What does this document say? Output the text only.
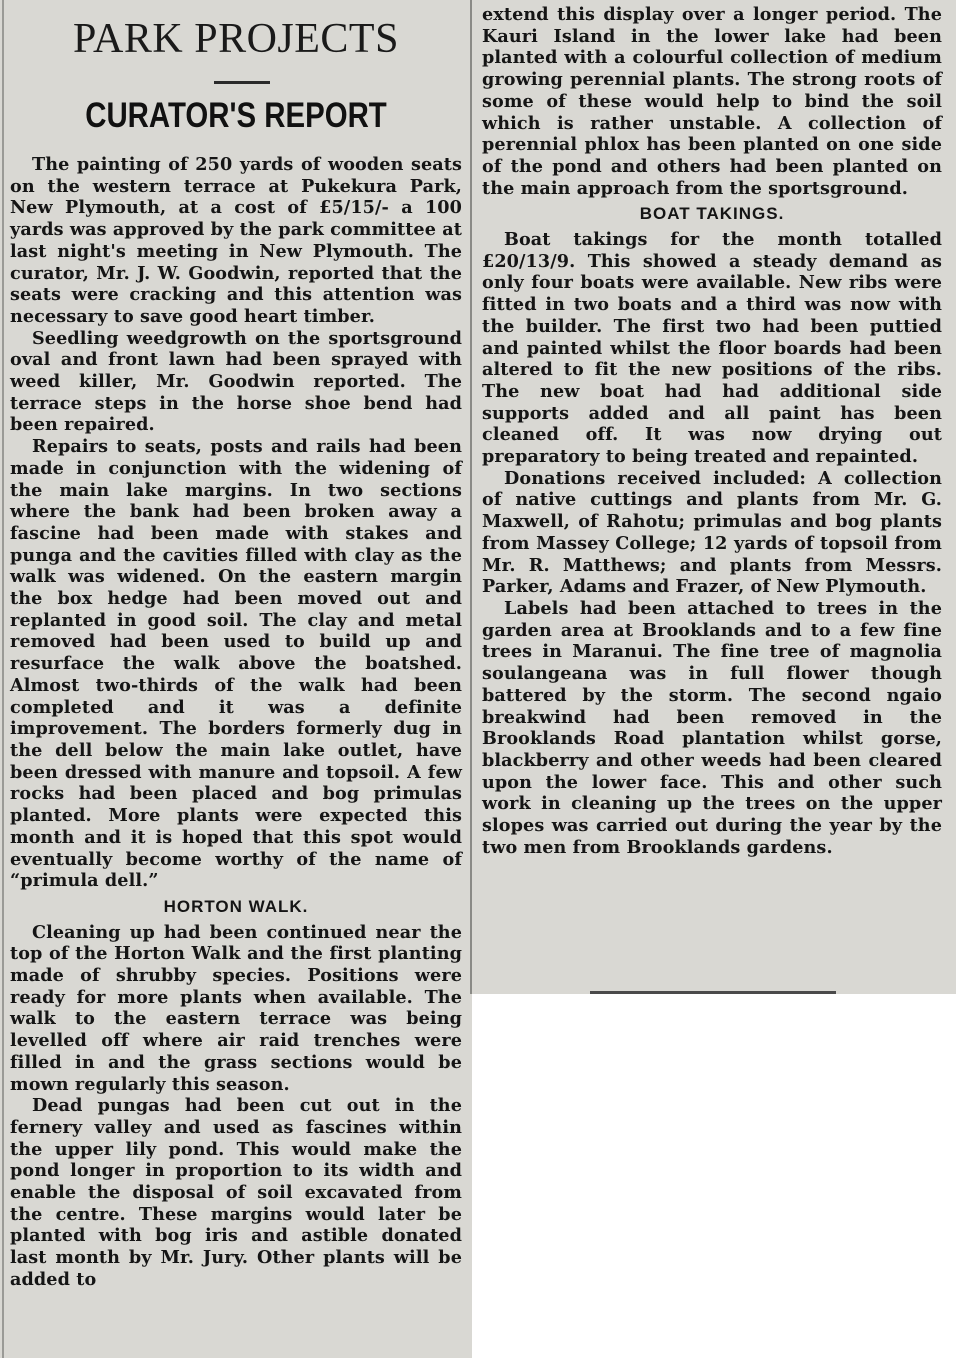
PARK PROJECTS
CURATOR'S REPORT

The painting of 250 yards of wooden seats on the western terrace at Pukekura Park, New Plymouth, at a cost of £5/15/- a 100 yards was approved by the park committee at last night's meeting in New Plymouth. The curator, Mr. J. W. Goodwin, reported that the seats were cracking and this attention was necessary to save good heart timber.

Seedling weedgrowth on the sportsground oval and front lawn had been sprayed with weed killer, Mr. Goodwin reported. The terrace steps in the horse shoe bend had been repaired.

Repairs to seats, posts and rails had been made in conjunction with the widening of the main lake margins. In two sections where the bank had been broken away a fascine had been made with stakes and punga and the cavities filled with clay as the walk was widened. On the eastern margin the box hedge had been moved out and replanted in good soil. The clay and metal removed had been used to build up and resurface the walk above the boatshed. Almost two-thirds of the walk had been completed and it was a definite improvement. The borders formerly dug in the dell below the main lake outlet, have been dressed with manure and topsoil. A few rocks had been placed and bog primulas planted. More plants were expected this month and it is hoped that this spot would eventually become worthy of the name of “primula dell.”

HORTON WALK.

Cleaning up had been continued near the top of the Horton Walk and the first planting made of shrubby species. Positions were ready for more plants when available. The walk to the eastern terrace was being levelled off where air raid trenches were filled in and the grass sections would be mown regularly this season.

Dead pungas had been cut out in the fernery valley and used as fascines within the upper lily pond. This would make the pond longer in proportion to its width and enable the disposal of soil excavated from the centre. These margins would later be planted with bog iris and astible donated last month by Mr. Jury. Other plants will be added to

extend this display over a longer period. The Kauri Island in the lower lake had been planted with a colourful collection of medium growing perennial plants. The strong roots of some of these would help to bind the soil which is rather unstable. A collection of perennial phlox has been planted on one side of the pond and others had been planted on the main approach from the sportsground.

BOAT TAKINGS.

Boat takings for the month totalled £20/13/9. This showed a steady demand as only four boats were available. New ribs were fitted in two boats and a third was now with the builder. The first two had been puttied and painted whilst the floor boards had been altered to fit the new positions of the ribs. The new boat had had additional side supports added and all paint has been cleaned off. It was now drying out preparatory to being treated and repainted.

Donations received included: A collection of native cuttings and plants from Mr. G. Maxwell, of Rahotu; primulas and bog plants from Massey College; 12 yards of topsoil from Mr. R. Matthews; and plants from Messrs. Parker, Adams and Frazer, of New Plymouth.

Labels had been attached to trees in the garden area at Brooklands and to a few fine trees in Maranui. The fine tree of magnolia soulangeana was in full flower though battered by the storm. The second ngaio breakwind had been removed in the Brooklands Road plantation whilst gorse, blackberry and other weeds had been cleared upon the lower face. This and other such work in cleaning up the trees on the upper slopes was carried out during the year by the two men from Brooklands gardens.
